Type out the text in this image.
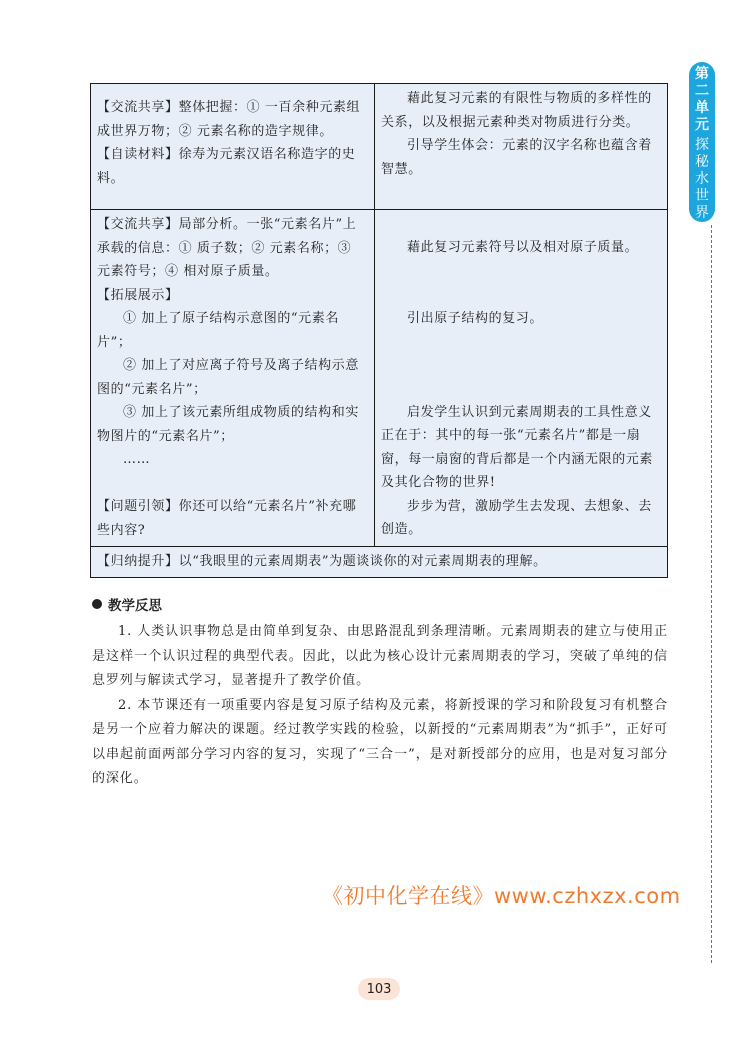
第
二
单
元
探
秘
水
世
界

【交流共享】整体把握：① 一百余种元素组成世界万物；② 元素名称的造字规律。

【自读材料】徐寿为元素汉语名称造字的史料。

藉此复习元素的有限性与物质的多样性的关系，以及根据元素种类对物质进行分类。

引导学生体会：元素的汉字名称也蕴含着智慧。

【交流共享】局部分析。一张“元素名片”上承载的信息：① 质子数；② 元素名称；③ 元素符号；④ 相对原子质量。

【拓展展示】

① 加上了原子结构示意图的“元素名片”；

② 加上了对应离子符号及离子结构示意图的“元素名片”；

③ 加上了该元素所组成物质的结构和实物图片的“元素名片”；

……

【问题引领】你还可以给“元素名片”补充哪些内容?

藉此复习元素符号以及相对原子质量。

引出原子结构的复习。

启发学生认识到元素周期表的工具性意义正在于：其中的每一张“元素名片”都是一扇窗，每一扇窗的背后都是一个内涵无限的元素及其化合物的世界!

步步为营，激励学生去发现、去想象、去创造。

【归纳提升】以“我眼里的元素周期表”为题谈谈你的对元素周期表的理解。
教学反思

1. 人类认识事物总是由简单到复杂、由思路混乱到条理清晰。元素周期表的建立与使用正是这样一个认识过程的典型代表。因此，以此为核心设计元素周期表的学习，突破了单纯的信息罗列与解读式学习，显著提升了教学价值。

2. 本节课还有一项重要内容是复习原子结构及元素，将新授课的学习和阶段复习有机整合是另一个应着力解决的课题。经过教学实践的检验，以新授的“元素周期表”为“抓手”，正好可以串起前面两部分学习内容的复习，实现了“三合一”，是对新授部分的应用，也是对复习部分的深化。

《初中化学在线》www.czhxzx.com
103
